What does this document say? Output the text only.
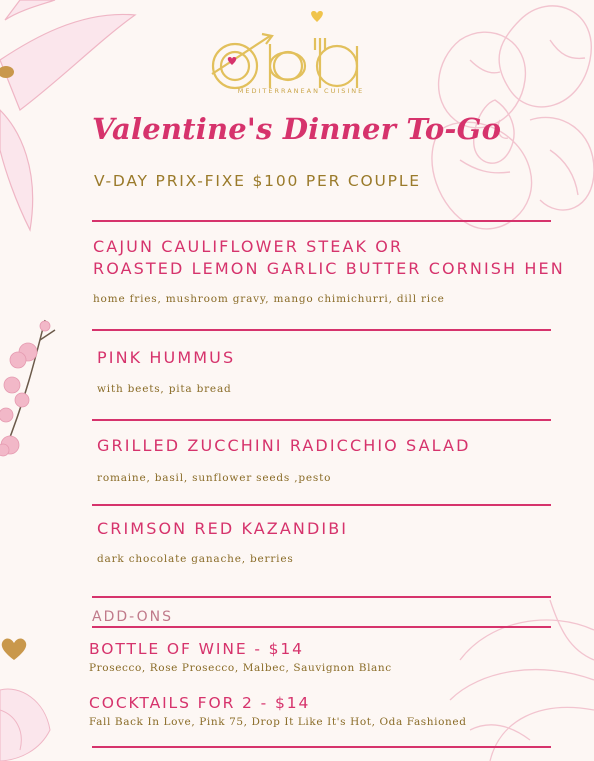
MEDITERRANEAN CUISINE
Valentine's Dinner To-Go
V-DAY PRIX-FIXE $100 PER COUPLE
CAJUN CAULIFLOWER STEAK OR
ROASTED LEMON GARLIC BUTTER CORNISH HEN
home fries, mushroom gravy, mango chimichurri, dill rice
PINK HUMMUS
with beets, pita bread
GRILLED ZUCCHINI RADICCHIO SALAD
romaine, basil, sunflower seeds ,pesto
CRIMSON RED KAZANDIBI
dark chocolate ganache, berries
ADD-ONS
BOTTLE OF WINE - $14
Prosecco, Rose Prosecco, Malbec, Sauvignon Blanc
COCKTAILS FOR 2 - $14
Fall Back In Love, Pink 75, Drop It Like It's Hot, Oda Fashioned
